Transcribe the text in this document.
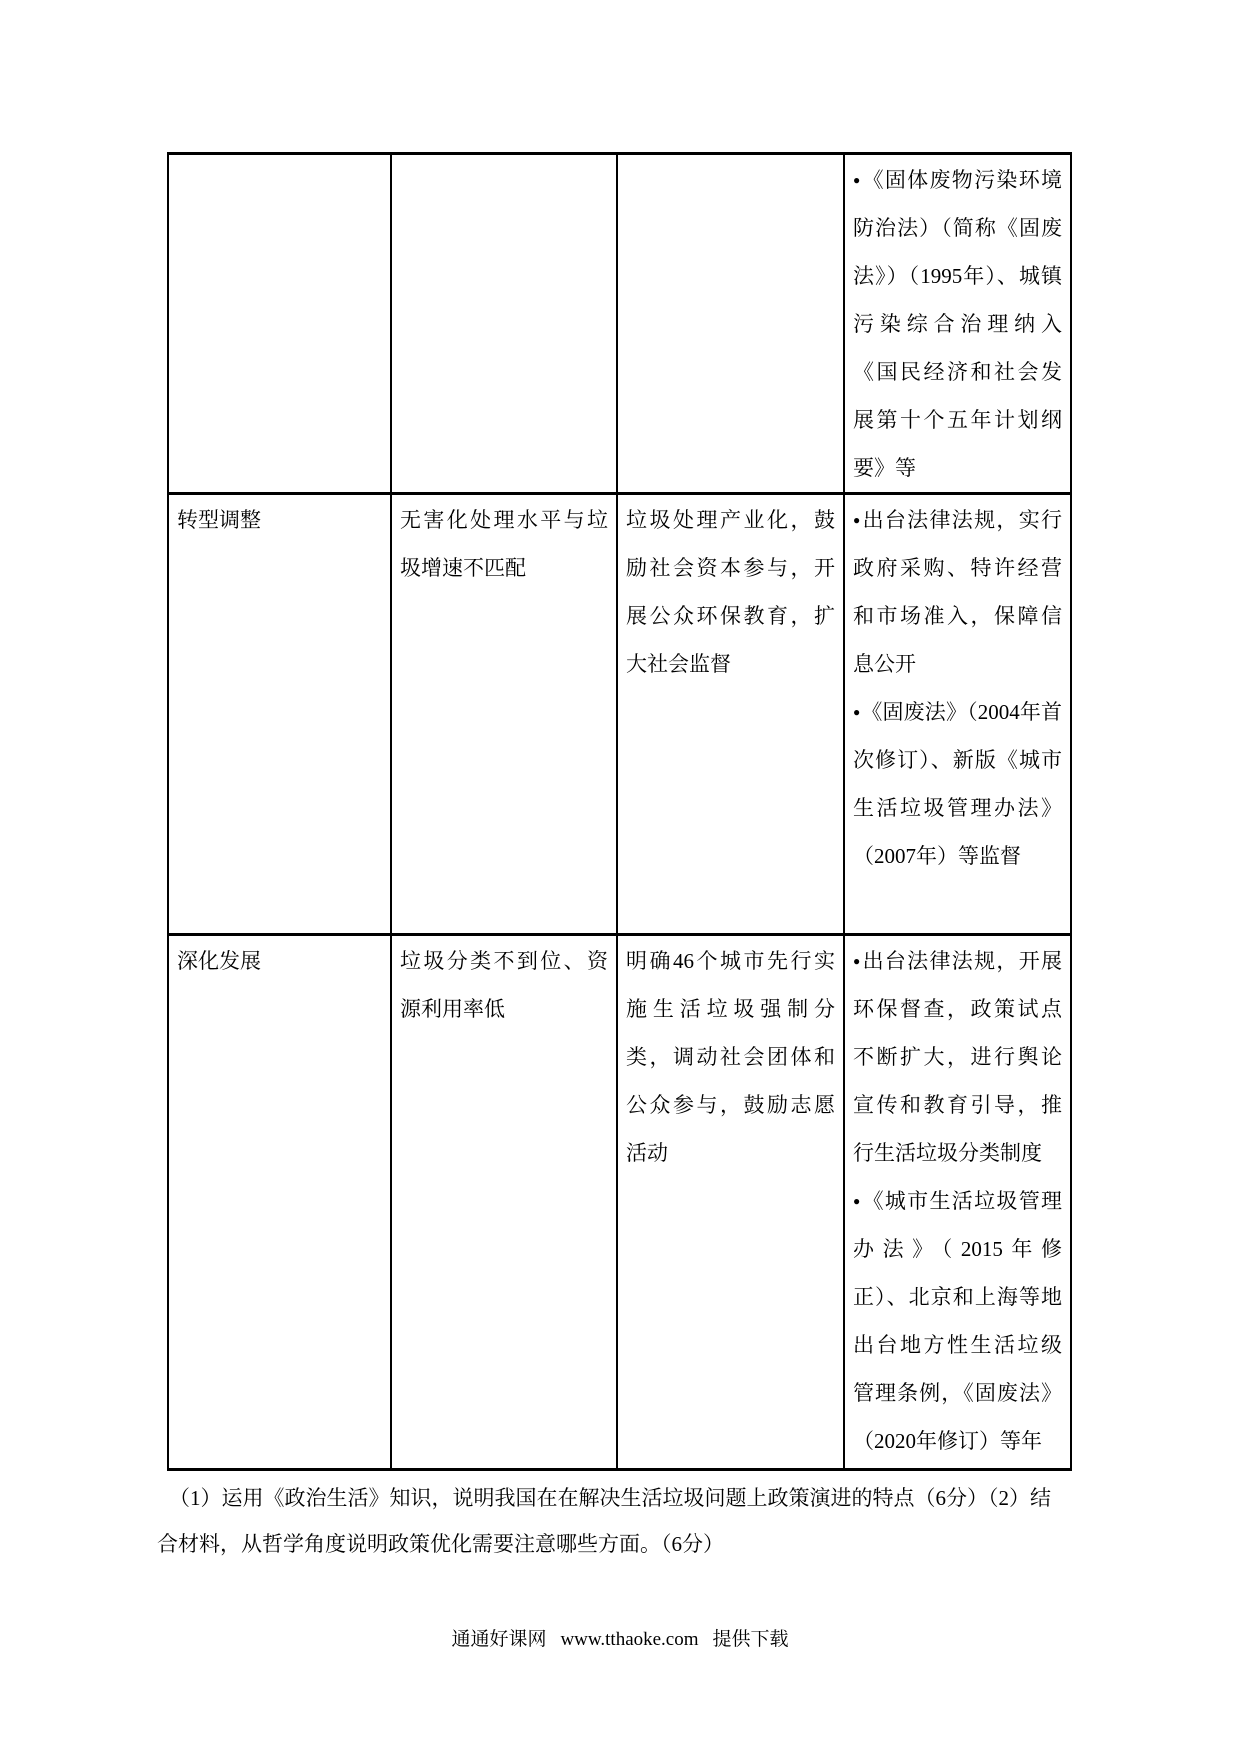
			●《固体废物污染环境防治法）（简称《固废法》）（1995年）、城镇污染综合治理纳入《国民经济和社会发展第十个五年计划纲要》等

转型调整	无害化处理水平与垃圾增速不匹配	垃圾处理产业化，鼓励社会资本参与，开展公众环保教育，扩大社会监督	●出台法律法规，实行政府采购、特许经营和市场准入，保障信息公开
●《固废法》（2004年首次修订）、新版《城市生活垃圾管理办法》（2007年）等监督

深化发展	垃圾分类不到位、资源利用率低	明确46个城市先行实施生活垃圾强制分类，调动社会团体和公众参与，鼓励志愿活动	●出台法律法规，开展环保督查，政策试点不断扩大，进行舆论宣传和教育引导，推行生活垃圾分类制度
●《城市生活垃圾管理办法》（2015年修正）、北京和上海等地出台地方性生活垃级管理条例，《固废法》（2020年修订）等年

（1）运用《政治生活》知识，说明我国在在解决生活垃圾问题上政策演进的特点（6分）（2）结合材料，从哲学角度说明政策优化需要注意哪些方面。（6分）

通通好课网 www.tthaoke.com 提供下载
